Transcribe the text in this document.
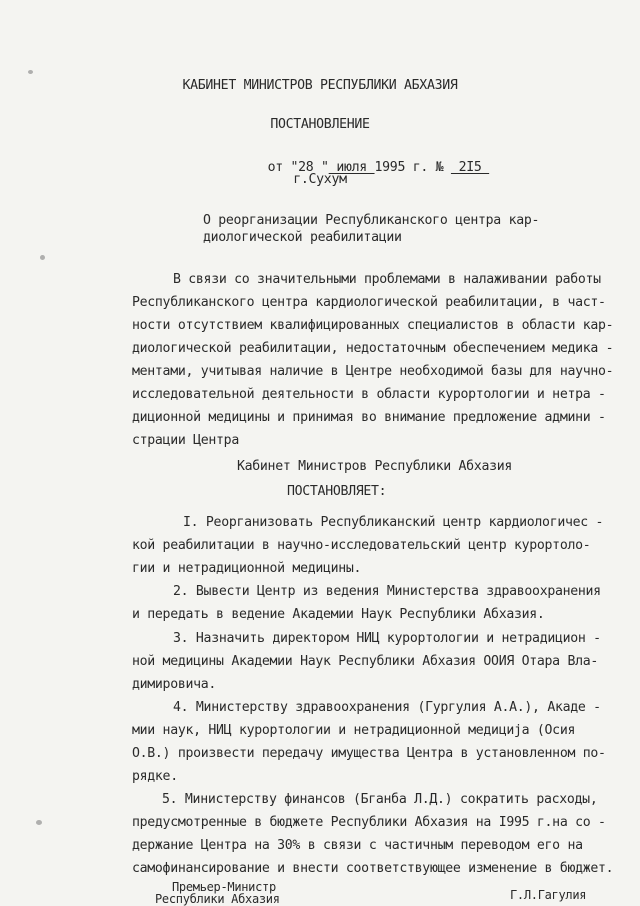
КАБИНЕТ МИНИСТРОВ РЕСПУБЛИКИ АБХАЗИЯ
ПОСТАНОВЛЕНИЕ

от "28 " июля 1995 г. №  2I5

г.Сухум
О реорганизации Республиканского центра кар-
диологической реабилитации
В связи со значительными проблемами в налаживании работы
Республиканского центра кардиологической реабилитации, в част-
ности отсутствием квалифицированных специалистов в области кар-
диологической реабилитации, недостаточным обеспечением медика -
ментами, учитывая наличие в Центре необходимой базы для научно-
исследовательной деятельности в области курортологии и нетра -
диционной медицины и принимая во внимание предложение админи -
страции Центра
Кабинет Министров Республики Абхазия
ПОСТАНОВЛЯЕТ:
I. Реорганизовать Республиканский центр кардиологичес -
кой реабилитации в научно-исследовательский центр курортоло-
гии и нетрадиционной медицины.
2. Вывести Центр из ведения Министерства здравоохранения
и передать в ведение Академии Наук Республики Абхазия.
3. Назначить директором НИЦ курортологии и нетрадицион -
ной медицины Академии Наук Республики Абхазия ООИЯ Отара Вла-
димировича.
4. Министерству здравоохранения (Гургулия А.А.), Акаде -
мии наук, НИЦ курортологии и нетрадиционной медиција (Осия
О.В.) произвести передачу имущества Центра в установленном по-
рядке.
5. Министерству финансов (Бганба Л.Д.) сократить расходы,
предусмотренные в бюджете Республики Абхазия на I995 г.на со -
держание Центра на 30% в связи с частичным переводом его на
самофинансирование и внести соответствующее изменение в бюджет.
Премьер-Министр
Республики Абхазия	Г.Л.Гагулия
